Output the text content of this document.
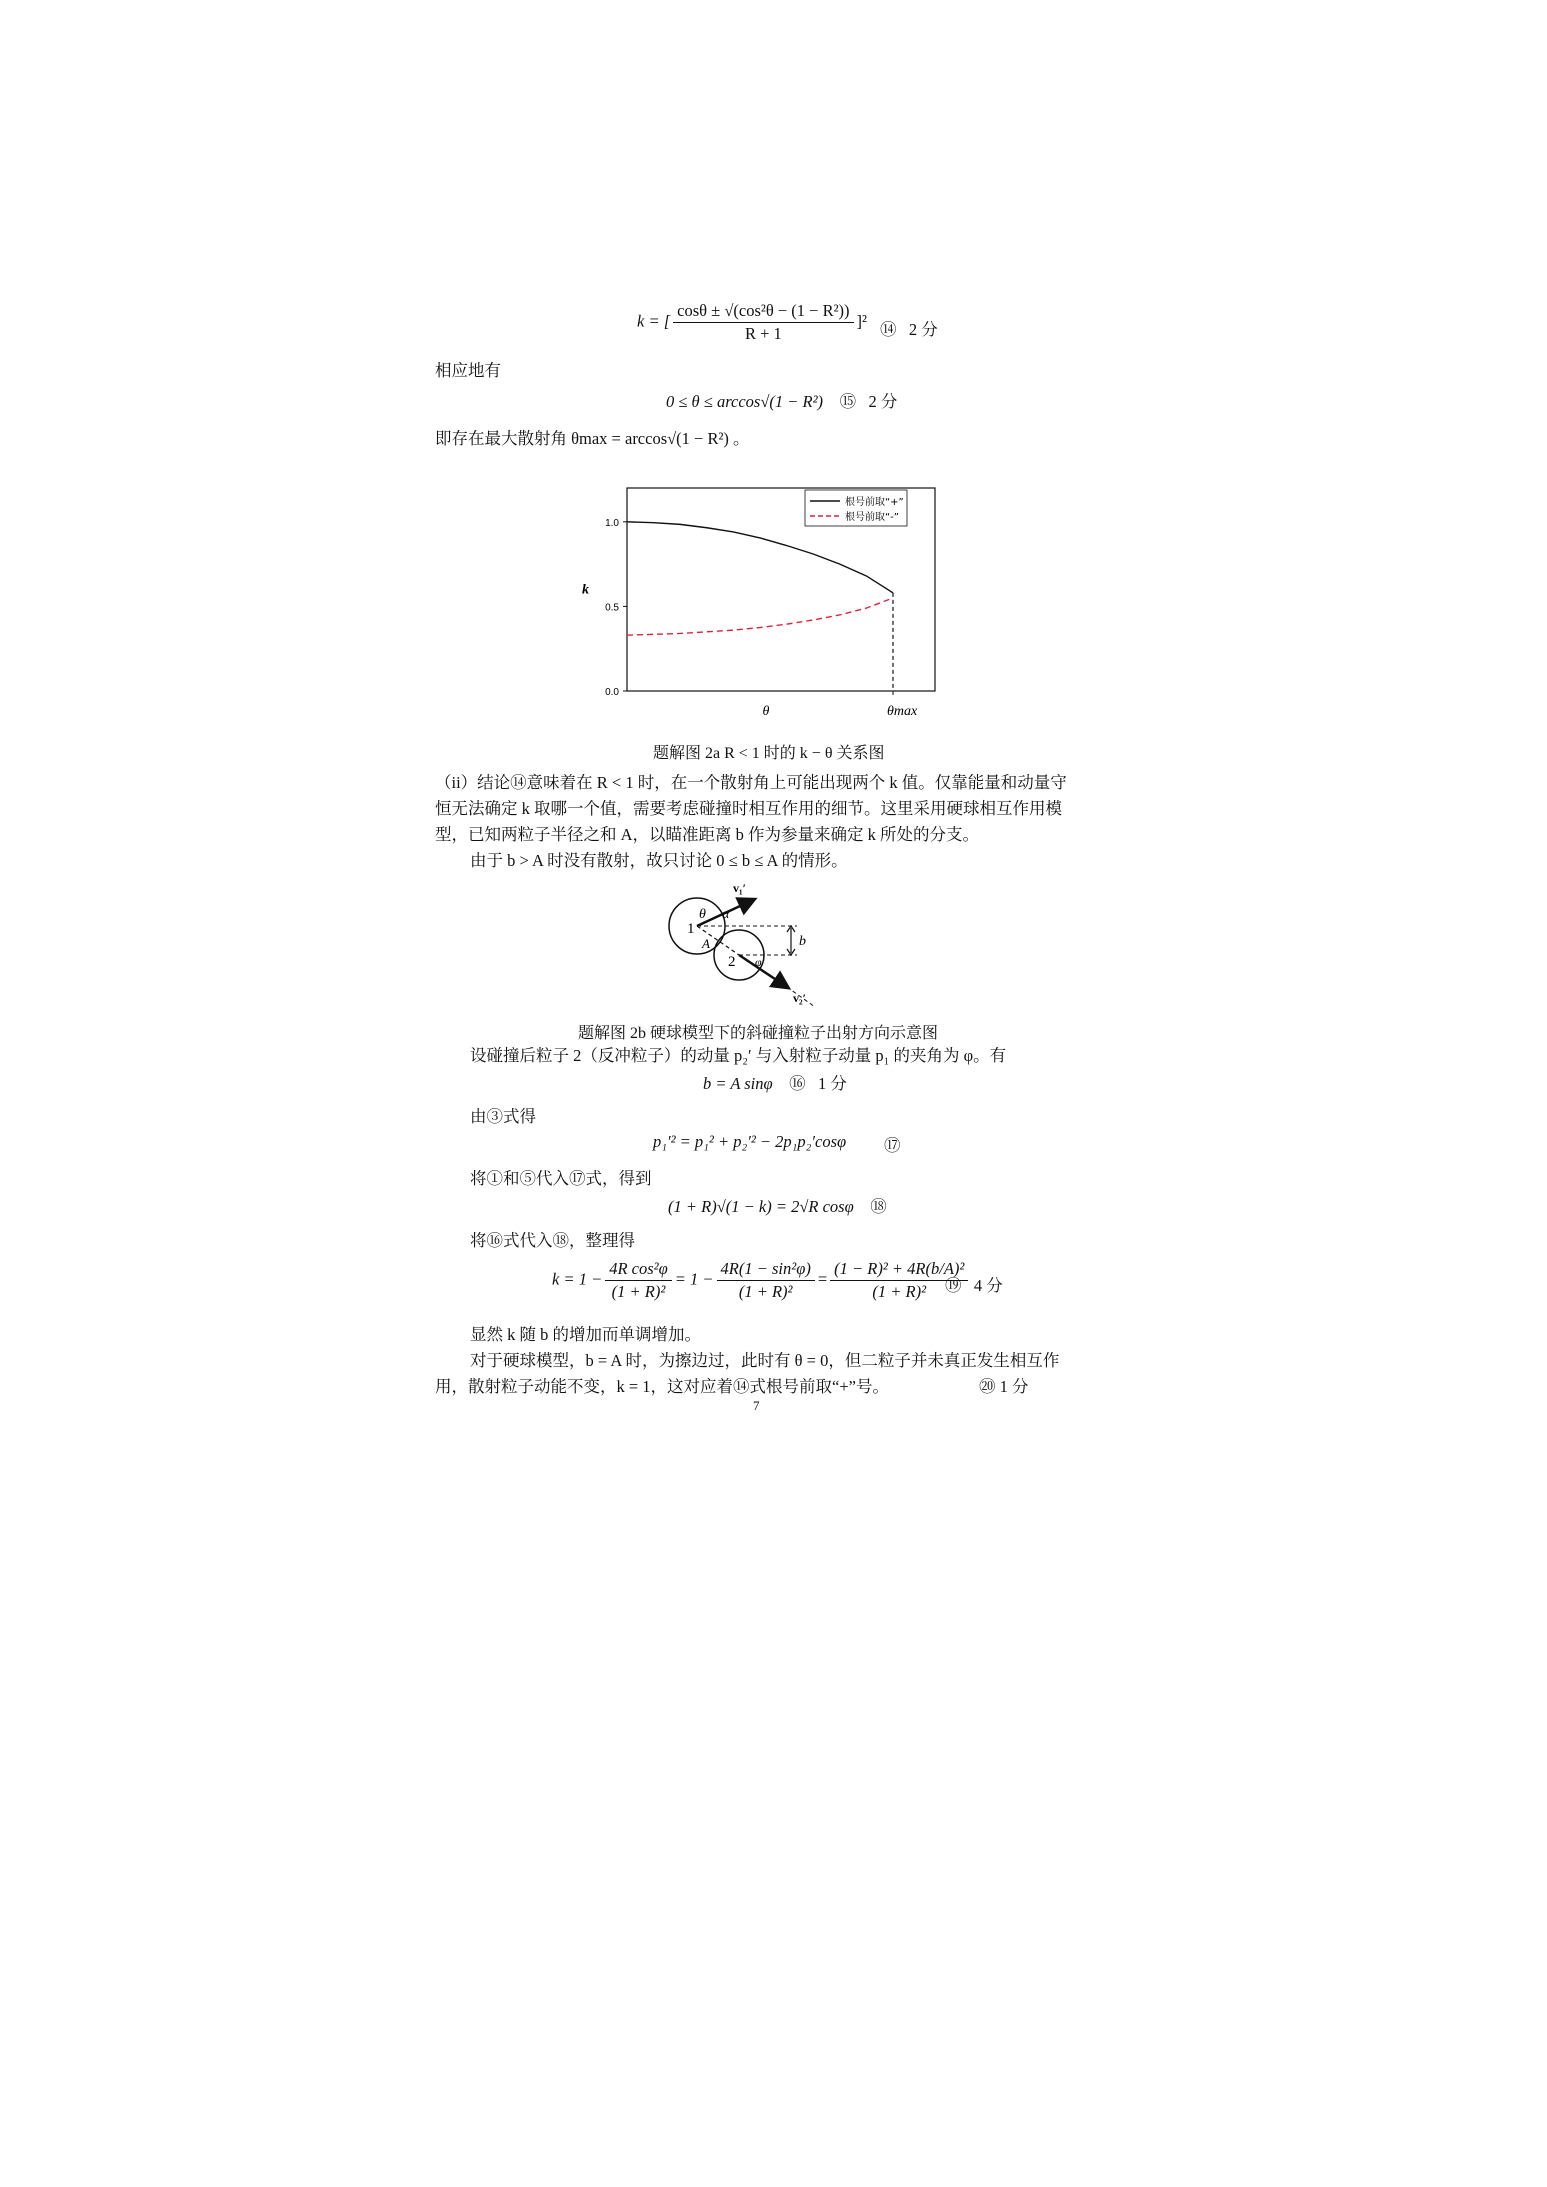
k = [ $\frac{\text{cosθ ± √(cos²θ − (1 − R²))}}{R + 1} ]^2$ ⑭ 2 分
相应地有
0 ≤ θ ≤ arccos√(1 − R²) ⑮ 2 分
即存在最大散射角 θmax = arccos√(1 − R²) 。
0.0
0.5
1.0
k
θ	θmax
根号前取“+”
根号前取“-”
题解图 2a R < 1 时的 k − θ 关系图
（ii）结论⑭意味着在 R < 1 时，在一个散射角上可能出现两个 k 值。仅靠能量和动量守恒无法确定 k 取哪一个值，需要考虑碰撞时相互作用的细节。这里采用硬球相互作用模型，已知两粒子半径之和 A，以瞄准距离 b 作为参量来确定 k 所处的分支。
由于 b > A 时没有散射，故只讨论 0 ≤ b ≤ A 的情形。
1
2
θ α
A	b
φ
v₁′
v₂′
题解图 2b 硬球模型下的斜碰撞粒子出射方向示意图
设碰撞后粒子 2（反冲粒子）的动量 p₂′ 与入射粒子动量 p₁ 的夹角为 φ。有
b = A sinφ ⑯ 1 分
由③式得
p₁′² = p₁² + p₂′² − 2p₁p₂′cosφ ⑰
将①和⑤代入⑰式，得到
(1 + R)√(1 − k) = 2√R cosφ ⑱
将⑯式代入⑱，整理得
$k = 1 - \frac{\text{4R cos²φ}}{\text{(1 + R)²}} = 1 - \frac{\text{4R(1 − sin²φ)}}{\text{(1 + R)²}} = \frac{\text{(1 − R)² + 4R(b/A)²}}{\text{(1 + R)²}}$
⑲ 4 分
显然 k 随 b 的增加而单调增加。
对于硬球模型，b = A 时，为擦边过，此时有 θ = 0，但二粒子并未真正发生相互作用，散射粒子动能不变，k = 1，这对应着⑭式根号前取“+”号。	⑳ 1 分
7
